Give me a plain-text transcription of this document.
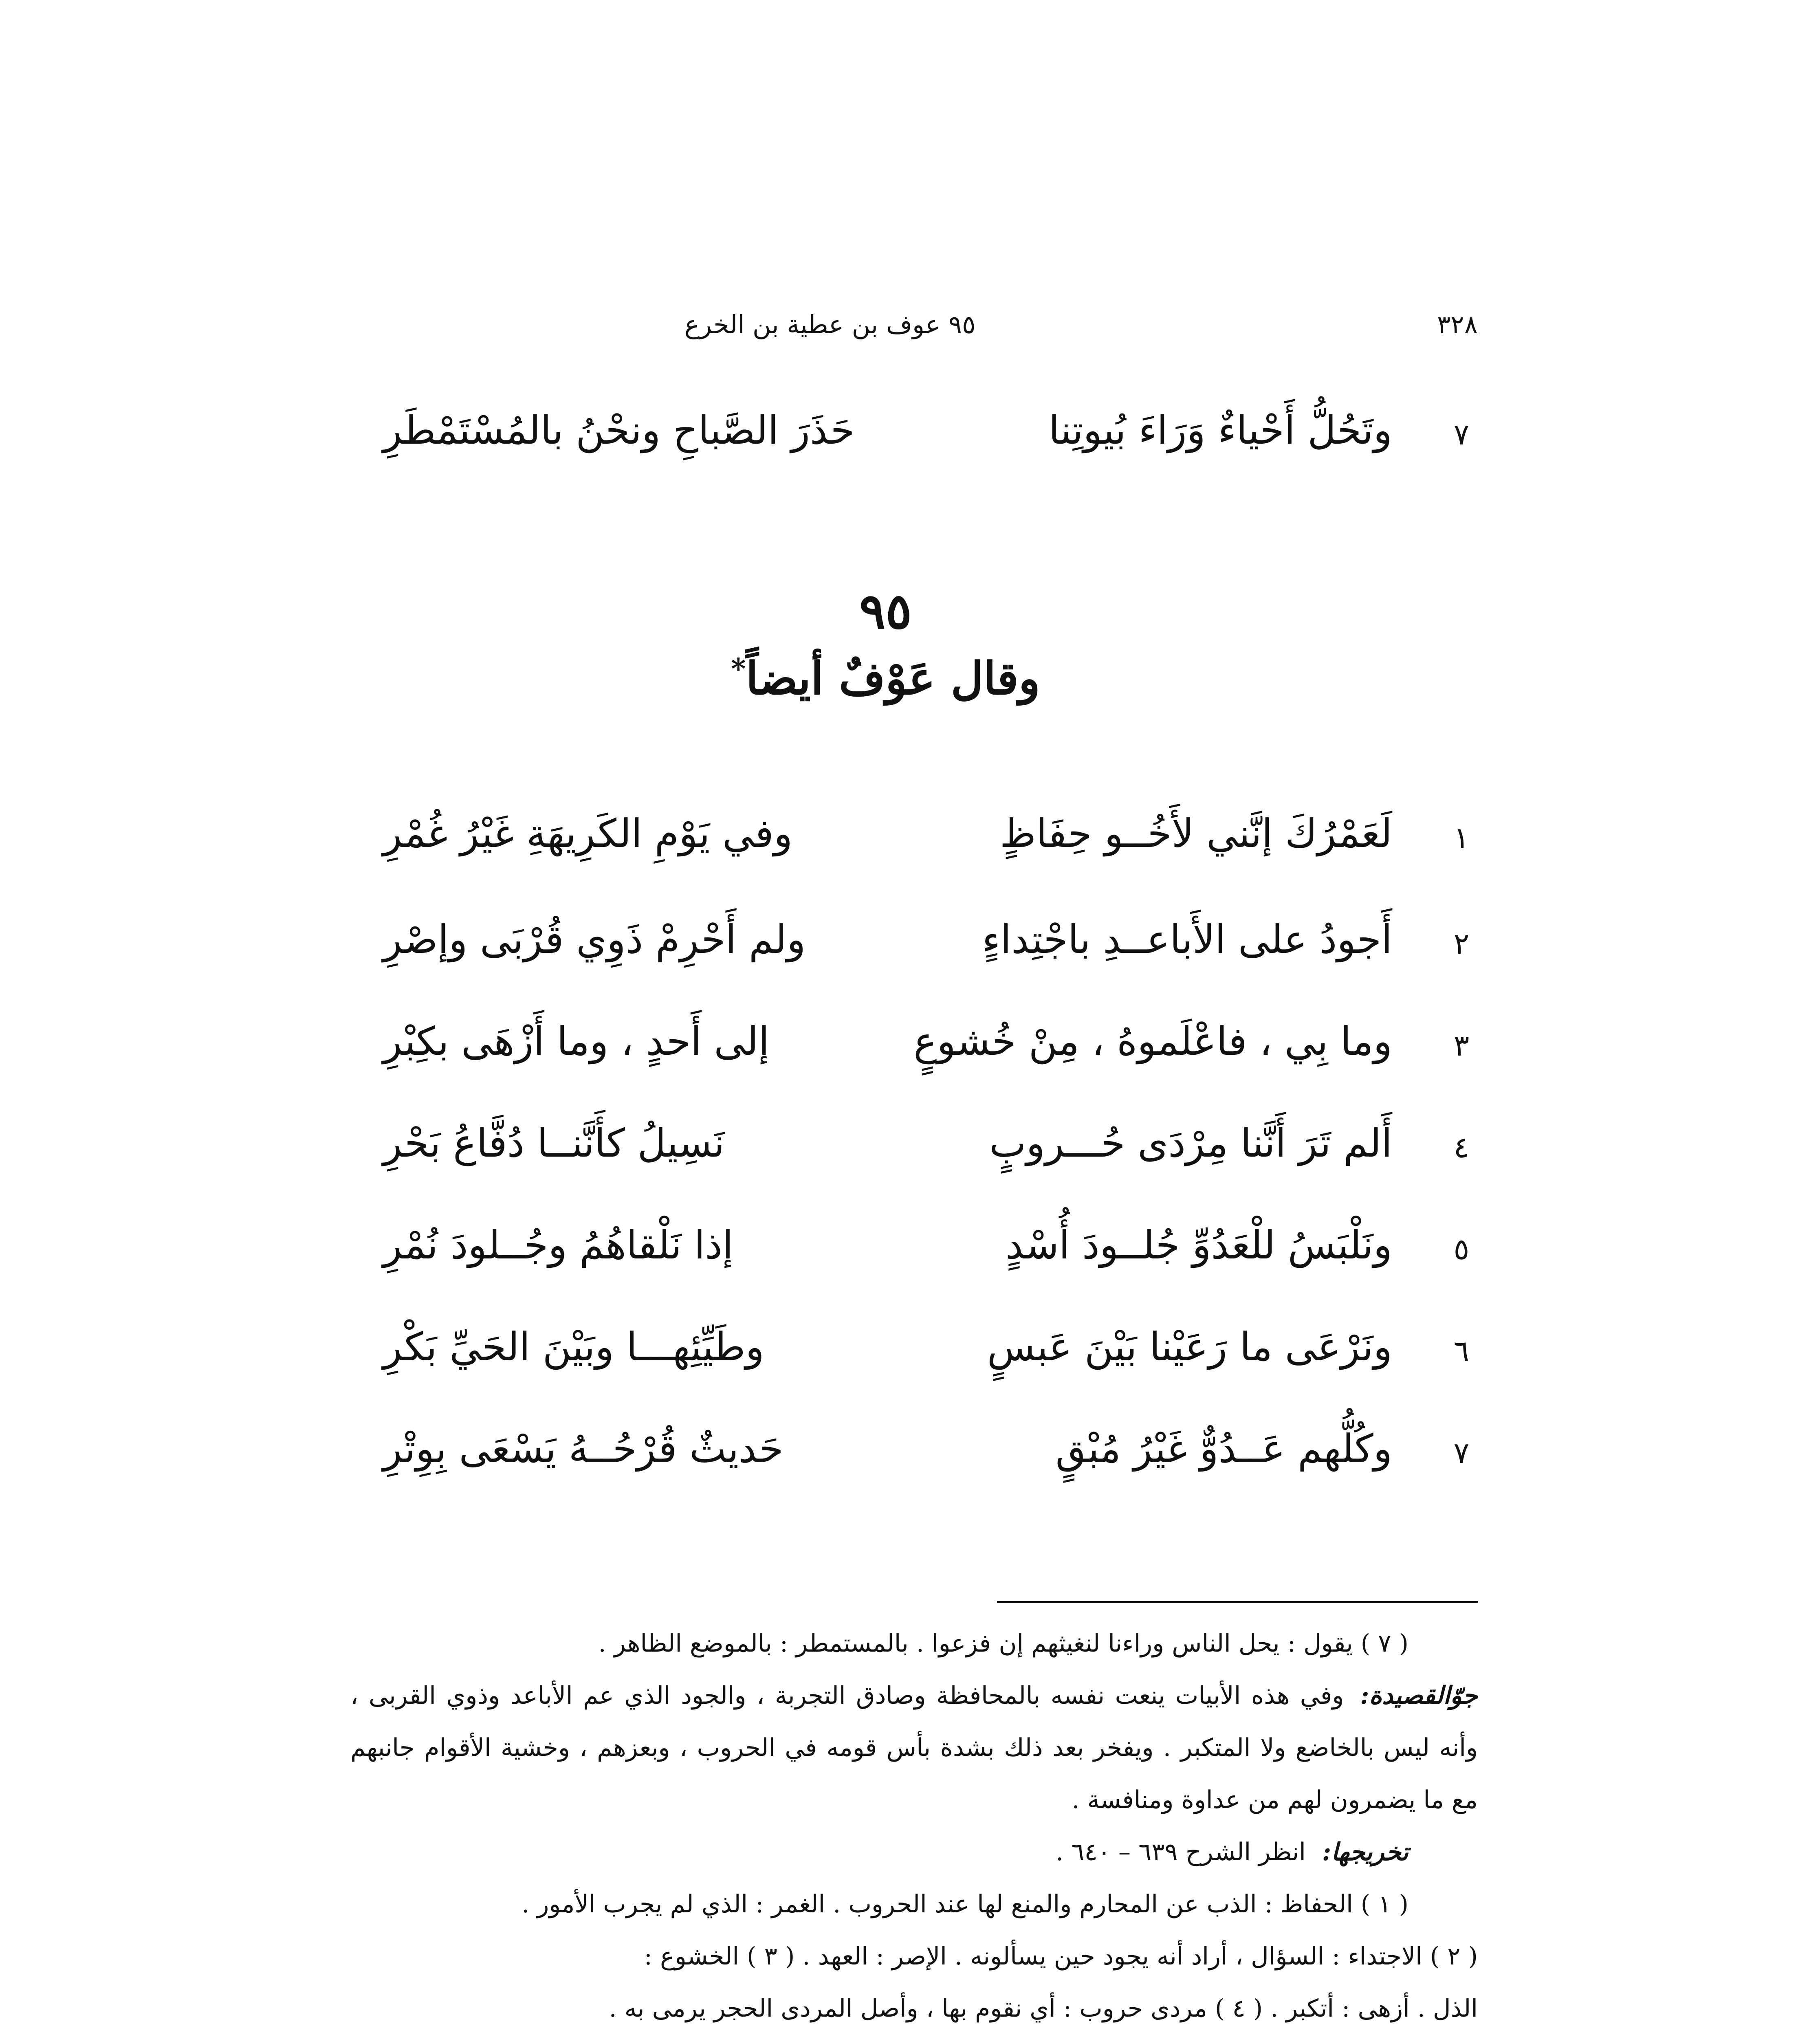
٣٢٨
٩٥ عوف بن عطية بن الخرع
٧
وتَحُلُّ أَحْياءٌ وَرَاءَ بُيوتِنا
حَذَرَ الصَّباحِ ونحْنُ بالمُسْتَمْطَرِ
٩٥
وقال عَوْفٌ أيضاً*
١
لَعَمْرُكَ إنَّني لأَخُــو حِفَاظٍ
وفي يَوْمِ الكَرِيهَةِ غَيْرُ غُمْرِ
٢
أَجودُ على الأَباعــدِ باجْتِداءٍ
ولم أَحْرِمْ ذَوِي قُرْبَى وإصْرِ
٣
وما بِي ، فاعْلَموهُ ، مِنْ خُشوعٍ
إلى أَحدٍ ، وما أَزْهَى بكِبْرِ
٤
أَلم تَرَ أَنَّنا مِرْدَى حُـــروبٍ
نَسِيلُ كأَنَّنــا دُفَّاعُ بَحْرِ
٥
ونَلْبَسُ للْعَدُوِّ جُلــودَ أُسْدٍ
إذا نَلْقاهُمُ وجُــلودَ نُمْرِ
٦
ونَرْعَى ما رَعَيْنا بَيْنَ عَبسٍ
وطَيِّئِهـــا وبَيْنَ الحَيِّ بَكْرِ
٧
وكُلُّهم عَــدُوٌّ غَيْرُ مُبْقٍ
حَديثٌ قُرْحُــهُ يَسْعَى بِوِتْرِ

( ٧ ) يقول : يحل الناس وراءنا لنغيثهم إن فزعوا . بالمستمطر : بالموضع الظاهر .

جوّالقصيدة:وفي هذه الأبيات ينعت نفسه بالمحافظة وصادق التجربة ، والجود الذي عم الأباعد وذوي القربى ، وأنه ليس بالخاضع ولا المتكبر . ويفخر بعد ذلك بشدة بأس قومه في الحروب ، وبعزهم ، وخشية الأقوام جانبهم مع ما يضمرون لهم من عداوة ومنافسة .

تخريجها:انظر الشرح ٦٣٩ – ٦٤٠ .

( ١ ) الحفاظ : الذب عن المحارم والمنع لها عند الحروب . الغمر : الذي لم يجرب الأمور .

( ٢ ) الاجتداء : السؤال ، أراد أنه يجود حين يسألونه . الإصر : العهد . ( ٣ ) الخشوع :

الذل . أزهى : أتكبر . ( ٤ ) مردى حروب : أي نقوم بها ، وأصل المردى الحجر يرمى به .
